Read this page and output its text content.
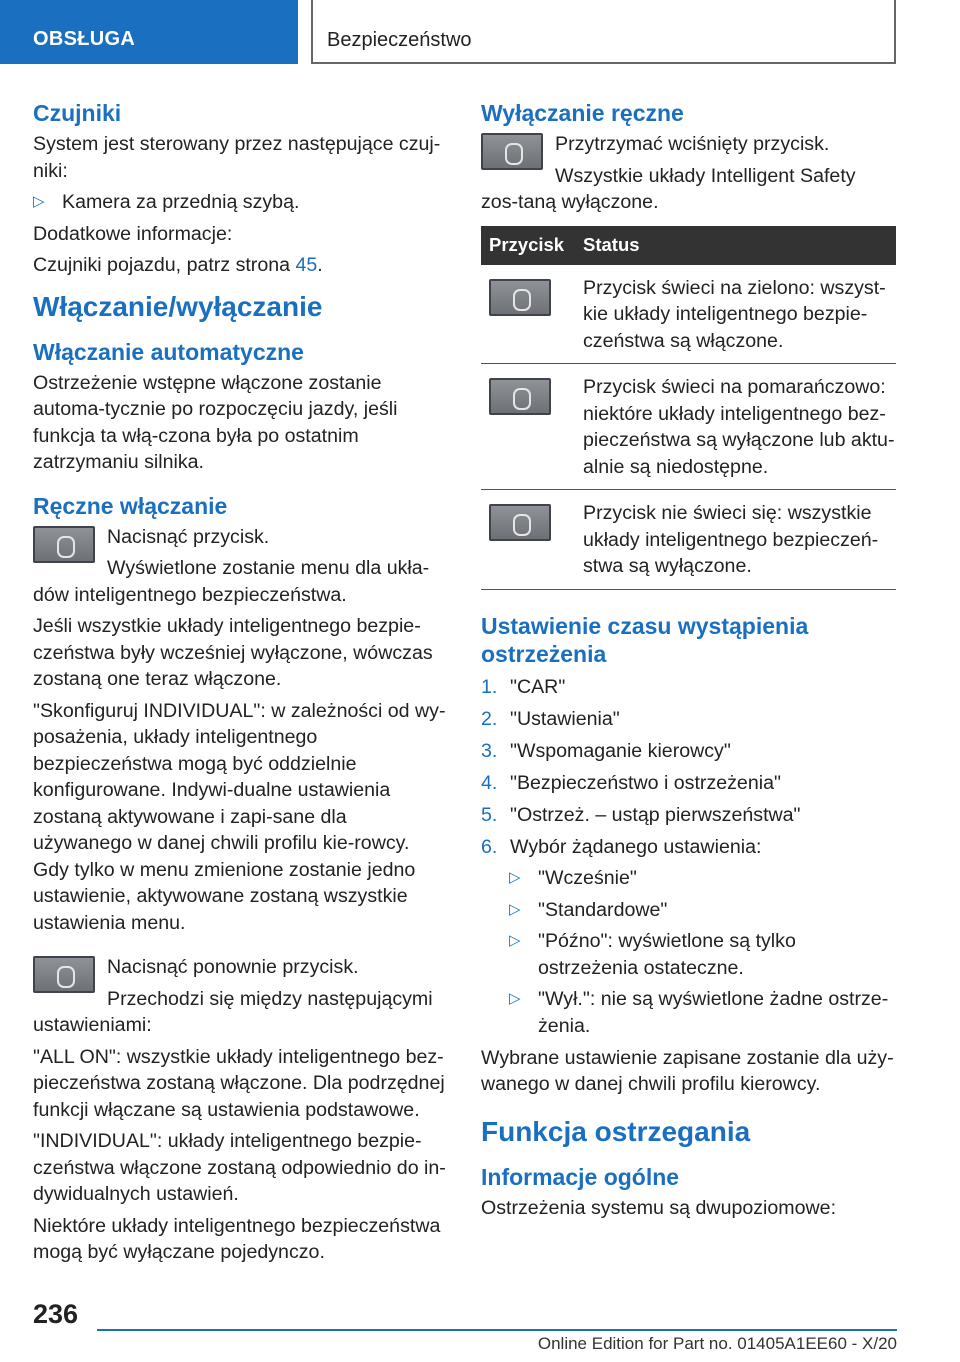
OBSŁUGA	Bezpieczeństwo
Czujniki

System jest sterowany przez następujące czuj-niki:

▷ Kamera za przednią szybą.

Dodatkowe informacje:

Czujniki pojazdu, patrz strona 45.

Włączanie/wyłączanie
Włączanie automatyczne

Ostrzeżenie wstępne włączone zostanie automa-tycznie po rozpoczęciu jazdy, jeśli funkcja ta włą-czona była po ostatnim zatrzymaniu silnika.

Ręczne włączanie

Nacisnąć przycisk.

Wyświetlone zostanie menu dla ukła-dów inteligentnego bezpieczeństwa.

Jeśli wszystkie układy inteligentnego bezpie-czeństwa były wcześniej wyłączone, wówczas zostaną one teraz włączone.

"Skonfiguruj INDIVIDUAL": w zależności od wy-posażenia, układy inteligentnego bezpieczeństwa mogą być oddzielnie konfigurowane. Indywi-dualne ustawienia zostaną aktywowane i zapi-sane dla używanego w danej chwili profilu kie-rowcy. Gdy tylko w menu zmienione zostanie jedno ustawienie, aktywowane zostaną wszystkie ustawienia menu.

Nacisnąć ponownie przycisk.

Przechodzi się między następującymi ustawieniami:

"ALL ON": wszystkie układy inteligentnego bez-pieczeństwa zostaną włączone. Dla podrzędnej funkcji włączane są ustawienia podstawowe.

"INDIVIDUAL": układy inteligentnego bezpie-czeństwa włączone zostaną odpowiednio do in-dywidualnych ustawień.

Niektóre układy inteligentnego bezpieczeństwa mogą być wyłączane pojedynczo.

Wyłączanie ręczne

Przytrzymać wciśnięty przycisk.

Wszystkie układy Intelligent Safety zos-taną wyłączone.

Przycisk	Status

	Przycisk świeci na zielono: wszyst-kie układy inteligentnego bezpie-czeństwa są włączone.

	Przycisk świeci na pomarańczowo: niektóre układy inteligentnego bez-pieczeństwa są wyłączone lub aktu-alnie są niedostępne.

	Przycisk nie świeci się: wszystkie układy inteligentnego bezpieczeń-stwa są wyłączone.
Ustawienie czasu wystąpienia ostrzeżenia
1. "CAR"
2. "Ustawienia"
3. "Wspomaganie kierowcy"
4. "Bezpieczeństwo i ostrzeżenia"
5. "Ostrzeż. – ustąp pierwszeństwa"
6. Wybór żądanego ustawienia:
▷ "Wcześnie"
▷ "Standardowe"
▷ "Późno": wyświetlone są tylko ostrzeżenia ostateczne.
▷ "Wył.": nie są wyświetlone żadne ostrze-żenia.

Wybrane ustawienie zapisane zostanie dla uży-wanego w danej chwili profilu kierowcy.

Funkcja ostrzegania
Informacje ogólne

Ostrzeżenia systemu są dwupoziomowe:

236
Online Edition for Part no. 01405A1EE60 - X/20
